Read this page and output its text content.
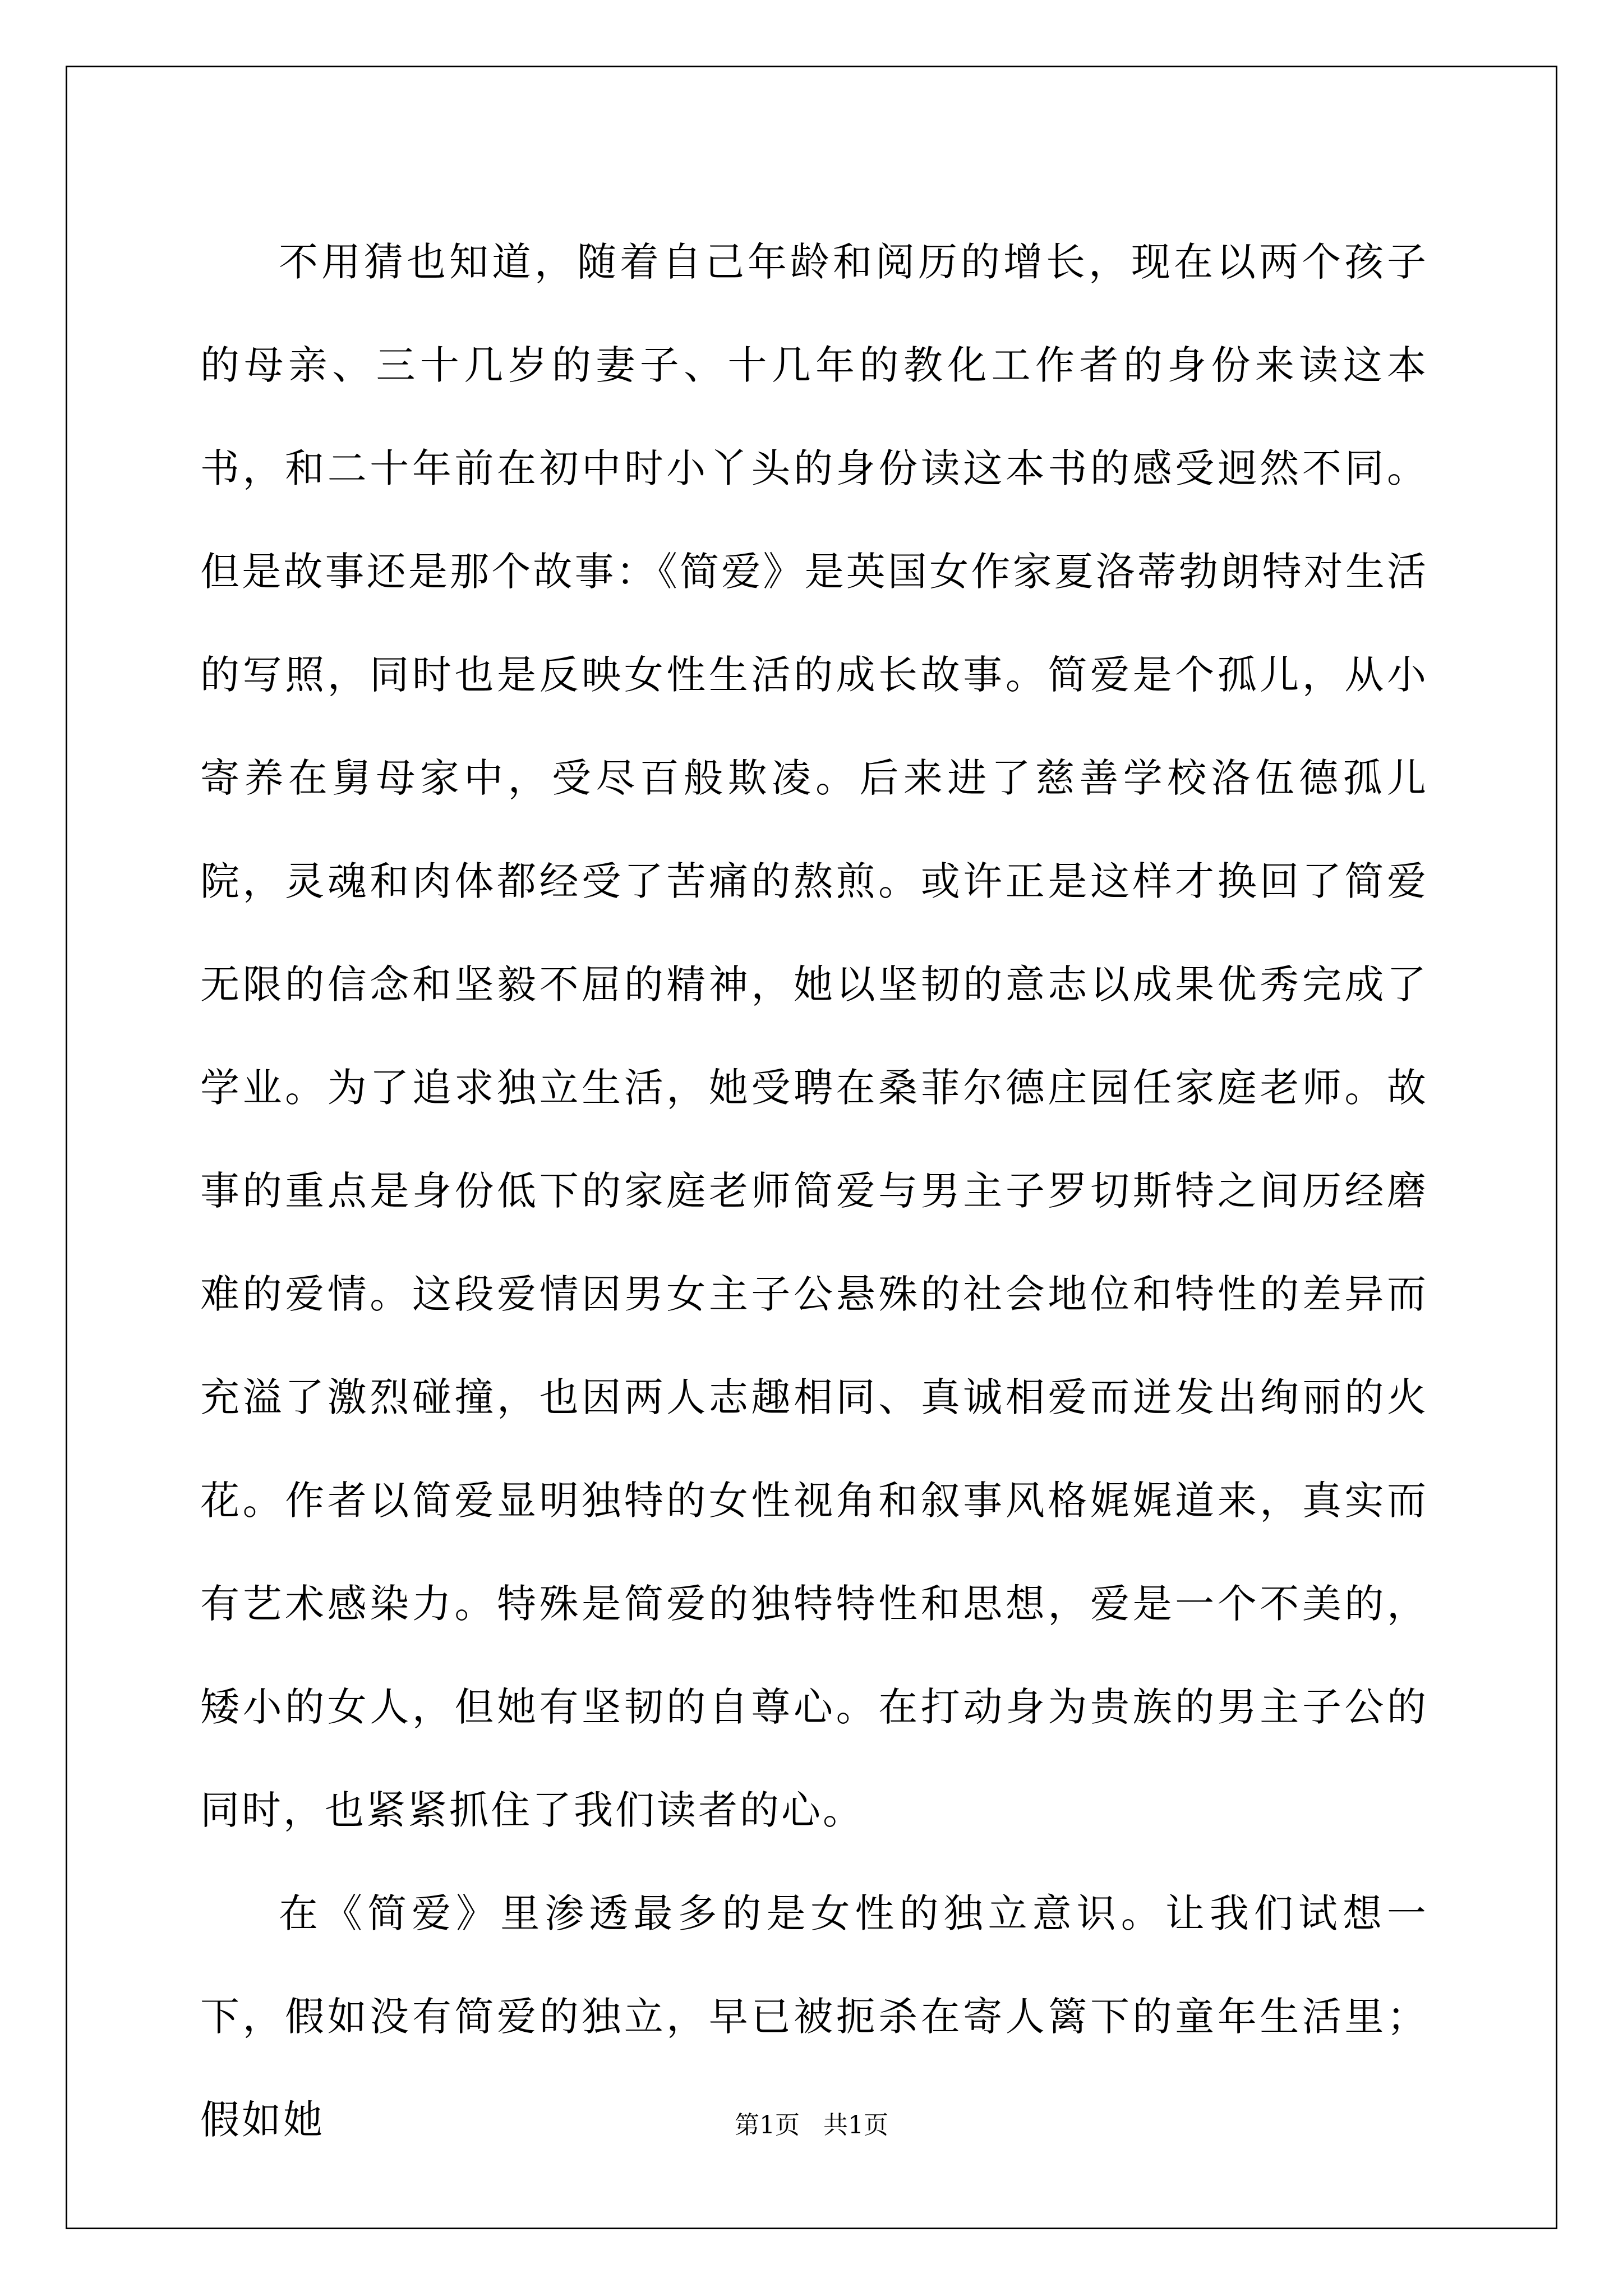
不用猜也知道，随着自己年龄和阅历的增长，现在以两个孩子的母亲、三十几岁的妻子、十几年的教化工作者的身份来读这本书，和二十年前在初中时小丫头的身份读这本书的感受迥然不同。但是故事还是那个故事：《简爱》是英国女作家夏洛蒂勃朗特对生活的写照，同时也是反映女性生活的成长故事。简爱是个孤儿，从小寄养在舅母家中，受尽百般欺凌。后来进了慈善学校洛伍德孤儿院，灵魂和肉体都经受了苦痛的熬煎。或许正是这样才换回了简爱无限的信念和坚毅不屈的精神，她以坚韧的意志以成果优秀完成了学业。为了追求独立生活，她受聘在桑菲尔德庄园任家庭老师。故事的重点是身份低下的家庭老师简爱与男主子罗切斯特之间历经磨难的爱情。这段爱情因男女主子公悬殊的社会地位和特性的差异而充溢了激烈碰撞，也因两人志趣相同、真诚相爱而迸发出绚丽的火花。作者以简爱显明独特的女性视角和叙事风格娓娓道来，真实而有艺术感染力。特殊是简爱的独特特性和思想，爱是一个不美的，矮小的女人，但她有坚韧的自尊心。在打动身为贵族的男主子公的同时，也紧紧抓住了我们读者的心。

在《简爱》里渗透最多的是女性的独立意识。让我们试想一下，假如没有简爱的独立，早已被扼杀在寄人篱下的童年生活里；假如她	第1页 共1页
